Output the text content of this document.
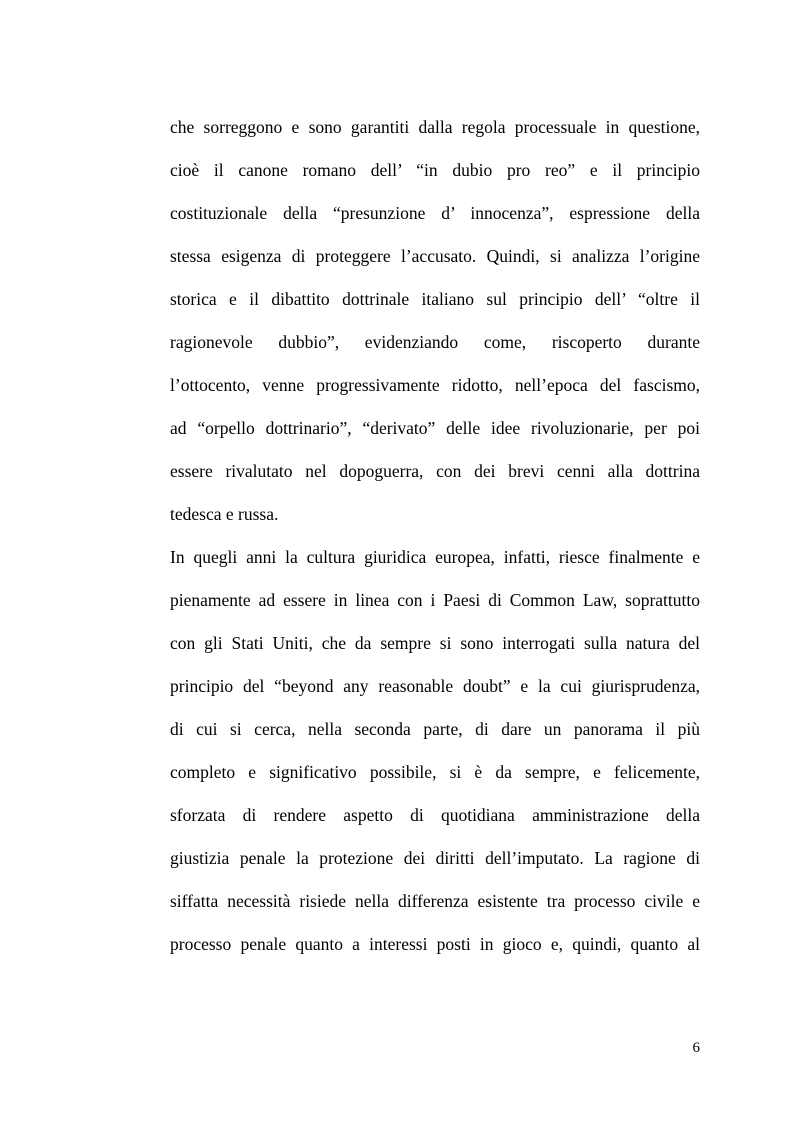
che sorreggono e sono garantiti dalla regola processuale in questione,
cioè il canone romano dell’ “in dubio pro reo” e il principio
costituzionale della “presunzione d’ innocenza”, espressione della
stessa esigenza di proteggere l’accusato. Quindi, si analizza l’origine
storica e il dibattito dottrinale italiano sul principio dell’ “oltre il
ragionevole dubbio”, evidenziando come, riscoperto durante
l’ottocento, venne progressivamente ridotto, nell’epoca del fascismo,
ad “orpello dottrinario”, “derivato” delle idee rivoluzionarie, per poi
essere rivalutato nel dopoguerra, con dei brevi cenni alla dottrina
tedesca e russa.
In quegli anni la cultura giuridica europea, infatti, riesce finalmente e
pienamente ad essere in linea con i Paesi di Common Law, soprattutto
con gli Stati Uniti, che da sempre si sono interrogati sulla natura del
principio del “beyond any reasonable doubt” e la cui giurisprudenza,
di cui si cerca, nella seconda parte, di dare un panorama il più
completo e significativo possibile, si è da sempre, e felicemente,
sforzata di rendere aspetto di quotidiana amministrazione della
giustizia penale la protezione dei diritti dell’imputato. La ragione di
siffatta necessità risiede nella differenza esistente tra processo civile e
processo penale quanto a interessi posti in gioco e, quindi, quanto al
6
